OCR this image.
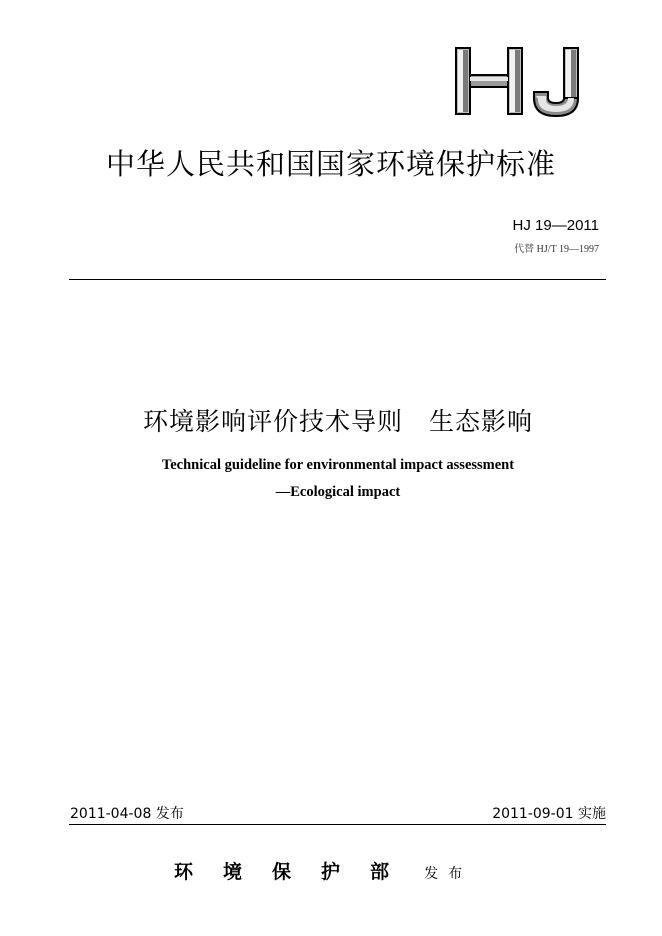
中华人民共和国国家环境保护标准
HJ 19—2011
代替 HJ/T 19—1997
环境影响评价技术导则　生态影响
Technical guideline for environmental impact assessment
—Ecological impact
2011-04-08 发布	2011-09-01 实施
环境保护部 发布
